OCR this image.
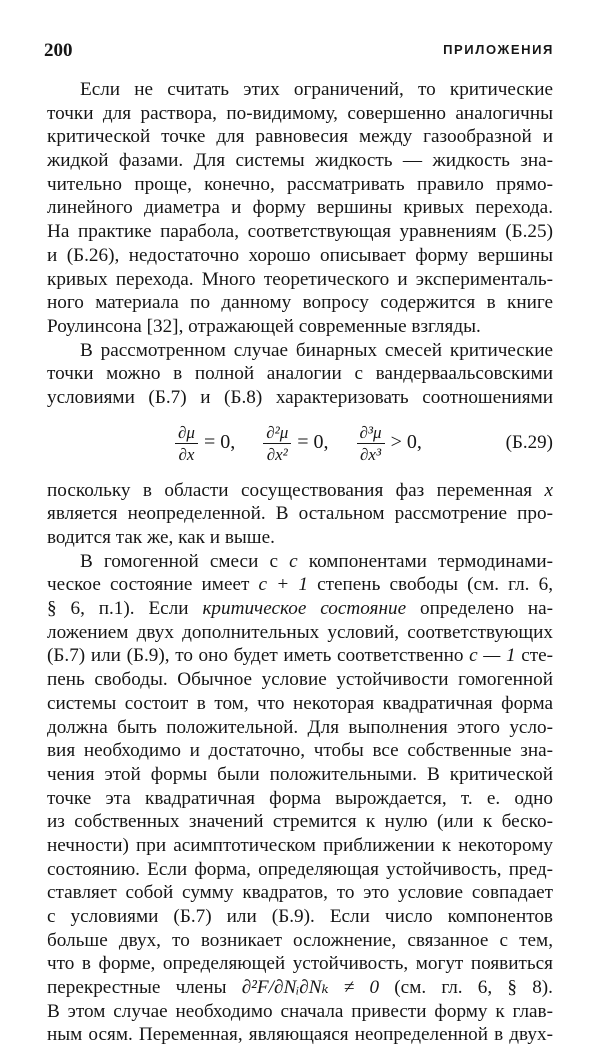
200	ПРИЛОЖЕНИЯ
Если не считать этих ограничений, то критические
точки для раствора, по-видимому, совершенно аналогичны
критической точке для равновесия между газообразной и
жидкой фазами. Для системы жидкость — жидкость зна-
чительно проще, конечно, рассматривать правило прямо-
линейного диаметра и форму вершины кривых перехода.
На практике парабола, соответствующая уравнениям (Б.25)
и (Б.26), недостаточно хорошо описывает форму вершины
кривых перехода. Много теоретического и эксперименталь-
ного материала по данному вопросу содержится в книге
Роулинсона [32], отражающей современные взгляды.
В рассмотренном случае бинарных смесей критические
точки можно в полной аналогии с вандерваальсовскими
условиями (Б.7) и (Б.8) характеризовать соотношениями
$\frac{\partial\mu}{\partial x} = 0$, $\frac{\text{∂²μ}}{\text{∂x²}} = 0$, $\frac{\text{∂³μ}}{\text{∂x³}} > 0$,	(Б.29)
поскольку в области сосуществования фаз переменная x
является неопределенной. В остальном рассмотрение про-
водится так же, как и выше.
В гомогенной смеси с c компонентами термодинами-
ческое состояние имеет c + 1 степень свободы (см. гл. 6,
§ 6, п.1). Если критическое состояние определено на-
ложением двух дополнительных условий, соответствующих
(Б.7) или (Б.9), то оно будет иметь соответственно c — 1 сте-
пень свободы. Обычное условие устойчивости гомогенной
системы состоит в том, что некоторая квадратичная форма
должна быть положительной. Для выполнения этого усло-
вия необходимо и достаточно, чтобы все собственные зна-
чения этой формы были положительными. В критической
точке эта квадратичная форма вырождается, т. е. одно
из собственных значений стремится к нулю (или к беско-
нечности) при асимптотическом приближении к некоторому
состоянию. Если форма, определяющая устойчивость, пред-
ставляет собой сумму квадратов, то это условие совпадает
с условиями (Б.7) или (Б.9). Если число компонентов
больше двух, то возникает осложнение, связанное с тем,
что в форме, определяющей устойчивость, могут появиться
перекрестные члены ∂²F/∂Nᵢ∂Nₖ ≠ 0 (см. гл. 6, § 8).
В этом случае необходимо сначала привести форму к глав-
ным осям. Переменная, являющаяся неопределенной в двух-
